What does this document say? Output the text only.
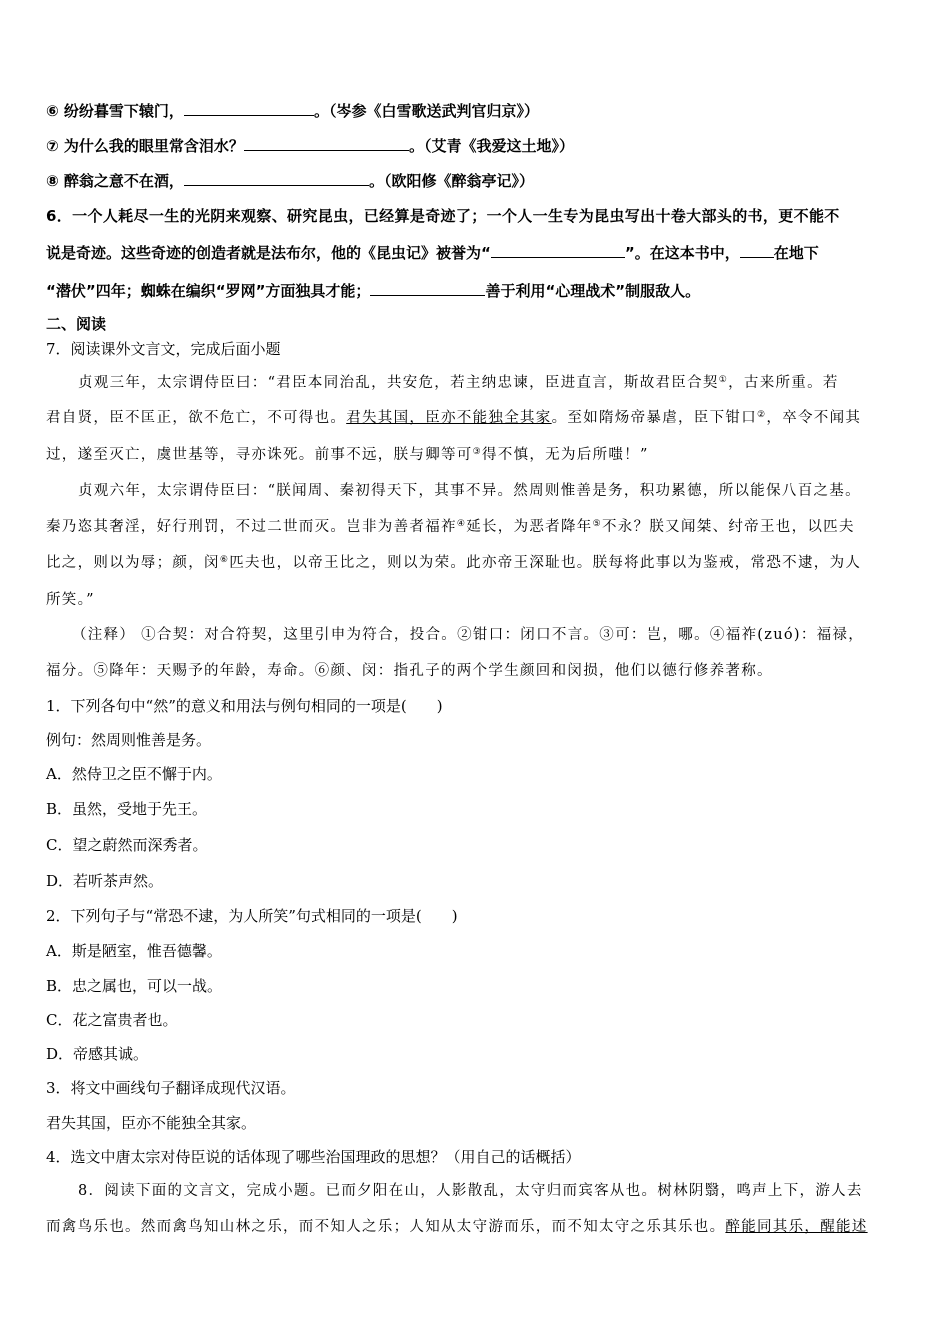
⑥ 纷纷暮雪下辕门，	。（岑参《白雪歌送武判官归京》）
⑦ 为什么我的眼里常含泪水？	。（艾青《我爱这土地》）
⑧ 醉翁之意不在酒，	。（欧阳修《醉翁亭记》）
6．一个人耗尽一生的光阴来观察、研究昆虫，已经算是奇迹了；一个人一生专为昆虫写出十卷大部头的书，更不能不
说是奇迹。这些奇迹的创造者就是法布尔，他的《昆虫记》被誉为“	”。在这本书中， 在地下
“潜伏”四年；蜘蛛在编织“罗网”方面独具才能；	善于利用“心理战术”制服敌人。
二、阅读
7．阅读课外文言文，完成后面小题
贞观三年，太宗谓侍臣曰：“君臣本同治乱，共安危，若主纳忠谏，臣进直言，斯故君臣合契①，古来所重。若
君自贤，臣不匡正，欲不危亡，不可得也。君失其国，臣亦不能独全其家。至如隋炀帝暴虐，臣下钳口②，卒令不闻其
过，遂至灭亡，虞世基等，寻亦诛死。前事不远，朕与卿等可③得不慎，无为后所嗤！”
贞观六年，太宗谓侍臣曰：“朕闻周、秦初得天下，其事不异。然周则惟善是务，积功累德，所以能保八百之基。
秦乃恣其奢淫，好行刑罚，不过二世而灭。岂非为善者福祚④延长，为恶者降年⑤不永？朕又闻桀、纣帝王也，以匹夫
比之，则以为辱；颜，闵⑥匹夫也，以帝王比之，则以为荣。此亦帝王深耻也。朕每将此事以为鉴戒，常恐不逮，为人
所笑。”
（注释） ①合契：对合符契，这里引申为符合，投合。②钳口：闭口不言。③可：岂，哪。④福祚(zuó)：福禄，
福分。⑤降年：天赐予的年龄，寿命。⑥颜、闵：指孔子的两个学生颜回和闵损，他们以德行修养著称。
1．下列各句中“然”的意义和用法与例句相同的一项是(　　)
例句：然周则惟善是务。
A．然侍卫之臣不懈于内。
B．虽然，受地于先王。
C．望之蔚然而深秀者。
D．若听茶声然。
2．下列句子与“常恐不逮，为人所笑”句式相同的一项是(　　)
A．斯是陋室，惟吾德馨。
B．忠之属也，可以一战。
C．花之富贵者也。
D．帝感其诚。
3．将文中画线句子翻译成现代汉语。
君失其国，臣亦不能独全其家。
4．选文中唐太宗对侍臣说的话体现了哪些治国理政的思想？（用自己的话概括）
8．阅读下面的文言文，完成小题。已而夕阳在山，人影散乱，太守归而宾客从也。树林阴翳，鸣声上下，游人去
而禽鸟乐也。然而禽鸟知山林之乐，而不知人之乐；人知从太守游而乐，而不知太守之乐其乐也。醉能同其乐，醒能述
